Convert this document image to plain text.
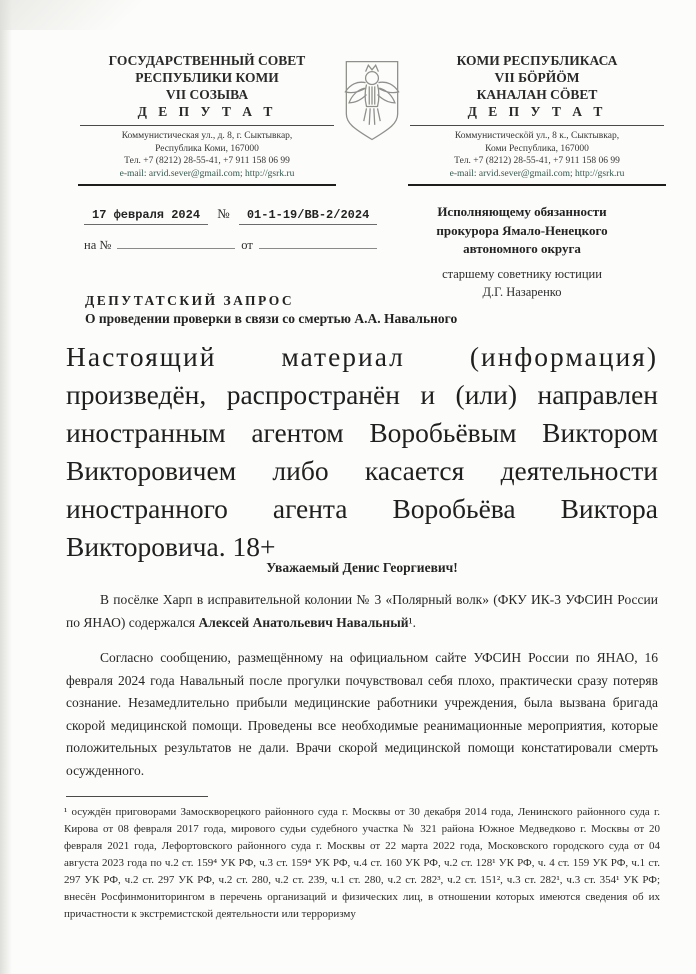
ГОСУДАРСТВЕННЫЙ СОВЕТ
РЕСПУБЛИКИ КОМИ
VII СОЗЫВА
Д Е П У Т А Т
Коммунистическая ул., д. 8, г. Сыктывкар,
Республика Коми, 167000
Тел. +7 (8212) 28-55-41, +7 911 158 06 99
e-mail: arvid.sever@gmail.com; http://gsrk.ru
КОМИ РЕСПУБЛИКАСА
VII БÖРЙÖМ
КАНАЛАН СÖВЕТ
Д Е П У Т А Т
Коммунистическöй ул., 8 к., Сыктывкар,
Коми Республика, 167000
Тел. +7 (8212) 28-55-41, +7 911 158 06 99
e-mail: arvid.sever@gmail.com; http://gsrk.ru
17 февраля 2024 № 01-1-19/ВВ-2/2024
на №	от
Исполняющему обязанности
прокурора Ямало-Ненецкого
автономного округа
старшему советнику юстиции
Д.Г. Назаренко
ДЕПУТАТСКИЙ ЗАПРОС
О проведении проверки в связи со смертью А.А. Навального
Настоящий материал (информация)
произведён, распространён и (или) направлен
иностранным агентом Воробьёвым Виктором
Викторовичем либо касается деятельности
иностранного агента Воробьёва Виктора
Викторовича. 18+
Уважаемый Денис Георгиевич!
В посёлке Харп в исправительной колонии № 3 «Полярный волк» (ФКУ ИК-3 УФСИН России по ЯНАО) содержался Алексей Анатольевич Навальный¹.
Согласно сообщению, размещённому на официальном сайте УФСИН России по ЯНАО, 16 февраля 2024 года Навальный после прогулки почувствовал себя плохо, практически сразу потеряв сознание. Незамедлительно прибыли медицинские работники учреждения, была вызвана бригада скорой медицинской помощи. Проведены все необходимые реанимационные мероприятия, которые положительных результатов не дали. Врачи скорой медицинской помощи констатировали смерть осужденного.
¹ осуждён приговорами Замоскворецкого районного суда г. Москвы от 30 декабря 2014 года, Ленинского районного суда г. Кирова от 08 февраля 2017 года, мирового судьи судебного участка № 321 района Южное Медведково г. Москвы от 20 февраля 2021 года, Лефортовского районного суда г. Москвы от 22 марта 2022 года, Московского городского суда от 04 августа 2023 года по ч.2 ст. 159⁴ УК РФ, ч.3 ст. 159⁴ УК РФ, ч.4 ст. 160 УК РФ, ч.2 ст. 128¹ УК РФ, ч. 4 ст. 159 УК РФ, ч.1 ст. 297 УК РФ, ч.2 ст. 297 УК РФ, ч.2 ст. 280, ч.2 ст. 239, ч.1 ст. 280, ч.2 ст. 282³, ч.2 ст. 151², ч.3 ст. 282¹, ч.3 ст. 354¹ УК РФ; внесён Росфинмониторингом в перечень организаций и физических лиц, в отношении которых имеются сведения об их причастности к экстремистской деятельности или терроризму
